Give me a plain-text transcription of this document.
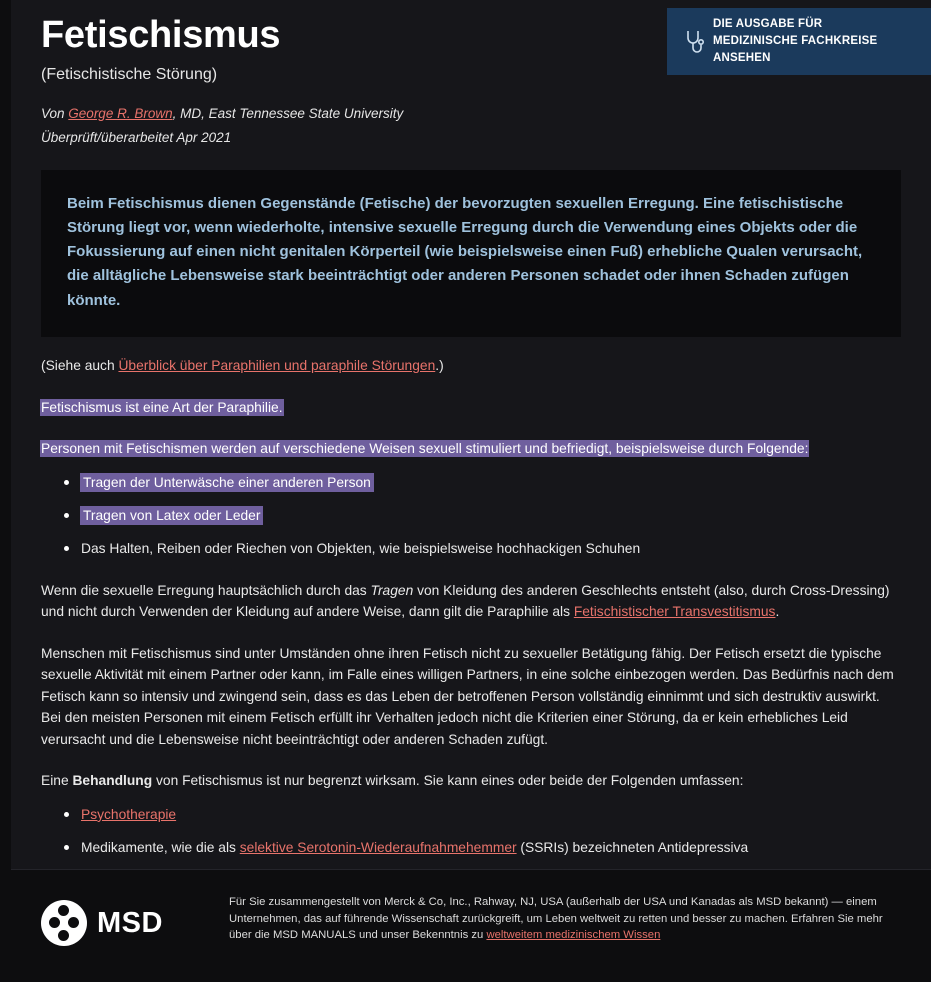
DIE AUSGABE FÜR
MEDIZINISCHE FACHKREISE
ANSEHEN
Fetischismus
(Fetischistische Störung)
Von George R. Brown, MD, East Tennessee State University
Überprüft/überarbeitet Apr 2021

Beim Fetischismus dienen Gegenstände (Fetische) der bevorzugten sexuellen Erregung. Eine fetischistische Störung liegt vor, wenn wiederholte, intensive sexuelle Erregung durch die Verwendung eines Objekts oder die Fokussierung auf einen nicht genitalen Körperteil (wie beispielsweise einen Fuß) erhebliche Qualen verursacht, die alltägliche Lebensweise stark beeinträchtigt oder anderen Personen schadet oder ihnen Schaden zufügen könnte.

(Siehe auch Überblick über Paraphilien und paraphile Störungen.)

Fetischismus ist eine Art der Paraphilie.

Personen mit Fetischismen werden auf verschiedene Weisen sexuell stimuliert und befriedigt, beispielsweise durch Folgende:

Tragen der Unterwäsche einer anderen Person
Tragen von Latex oder Leder
Das Halten, Reiben oder Riechen von Objekten, wie beispielsweise hochhackigen Schuhen

Wenn die sexuelle Erregung hauptsächlich durch das Tragen von Kleidung des anderen Geschlechts entsteht (also, durch Cross-Dressing) und nicht durch Verwenden der Kleidung auf andere Weise, dann gilt die Paraphilie als Fetischistischer Transvestitismus.

Menschen mit Fetischismus sind unter Umständen ohne ihren Fetisch nicht zu sexueller Betätigung fähig. Der Fetisch ersetzt die typische sexuelle Aktivität mit einem Partner oder kann, im Falle eines willigen Partners, in eine solche einbezogen werden. Das Bedürfnis nach dem Fetisch kann so intensiv und zwingend sein, dass es das Leben der betroffenen Person vollständig einnimmt und sich destruktiv auswirkt. Bei den meisten Personen mit einem Fetisch erfüllt ihr Verhalten jedoch nicht die Kriterien einer Störung, da er kein erhebliches Leid verursacht und die Lebensweise nicht beeinträchtigt oder anderen Schaden zufügt.

Eine Behandlung von Fetischismus ist nur begrenzt wirksam. Sie kann eines oder beide der Folgenden umfassen:

Psychotherapie
Medikamente, wie die als selektive Serotonin-Wiederaufnahmehemmer (SSRIs) bezeichneten Antidepressiva
MSD
Für Sie zusammengestellt von Merck & Co, Inc., Rahway, NJ, USA (außerhalb der USA und Kanadas als MSD bekannt) — einem Unternehmen, das auf führende Wissenschaft zurückgreift, um Leben weltweit zu retten und besser zu machen. Erfahren Sie mehr über die MSD MANUALS und unser Bekenntnis zu weltweitem medizinischem Wissen
